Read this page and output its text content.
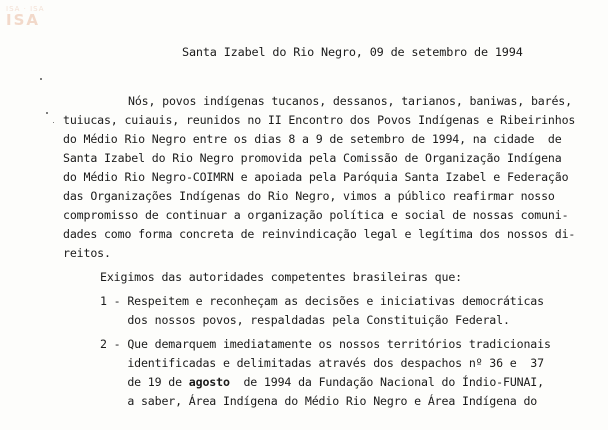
ISA · ISA
ISA
Santa Izabel do Rio Negro, 09 de setembro de 1994
Nós, povos indígenas tucanos, dessanos, tarianos, baniwas, barés,
tuiucas, cuiauis, reunidos no II Encontro dos Povos Indígenas e Ribeirinhos
do Médio Rio Negro entre os dias 8 a 9 de setembro de 1994, na cidade  de
Santa Izabel do Rio Negro promovida pela Comissão de Organização Indígena
do Médio Rio Negro-COIMRN e apoiada pela Paróquia Santa Izabel e Federação
das Organizações Indígenas do Rio Negro, vimos a público reafirmar nosso
compromisso de continuar a organização política e social de nossas comuni-
dades como forma concreta de reinvindicação legal e legítima dos nossos di-
reitos.
Exigimos das autoridades competentes brasileiras que:
1 - Respeitem e reconheçam as decisões e iniciativas democráticas
dos nossos povos, respaldadas pela Constituição Federal.
2 - Que demarquem imediatamente os nossos territórios tradicionais
identificadas e delimitadas através dos despachos nº 36 e  37
de 19 de agosto  de 1994 da Fundação Nacional do Índio-FUNAI,
a saber, Área Indígena do Médio Rio Negro e Área Indígena do
